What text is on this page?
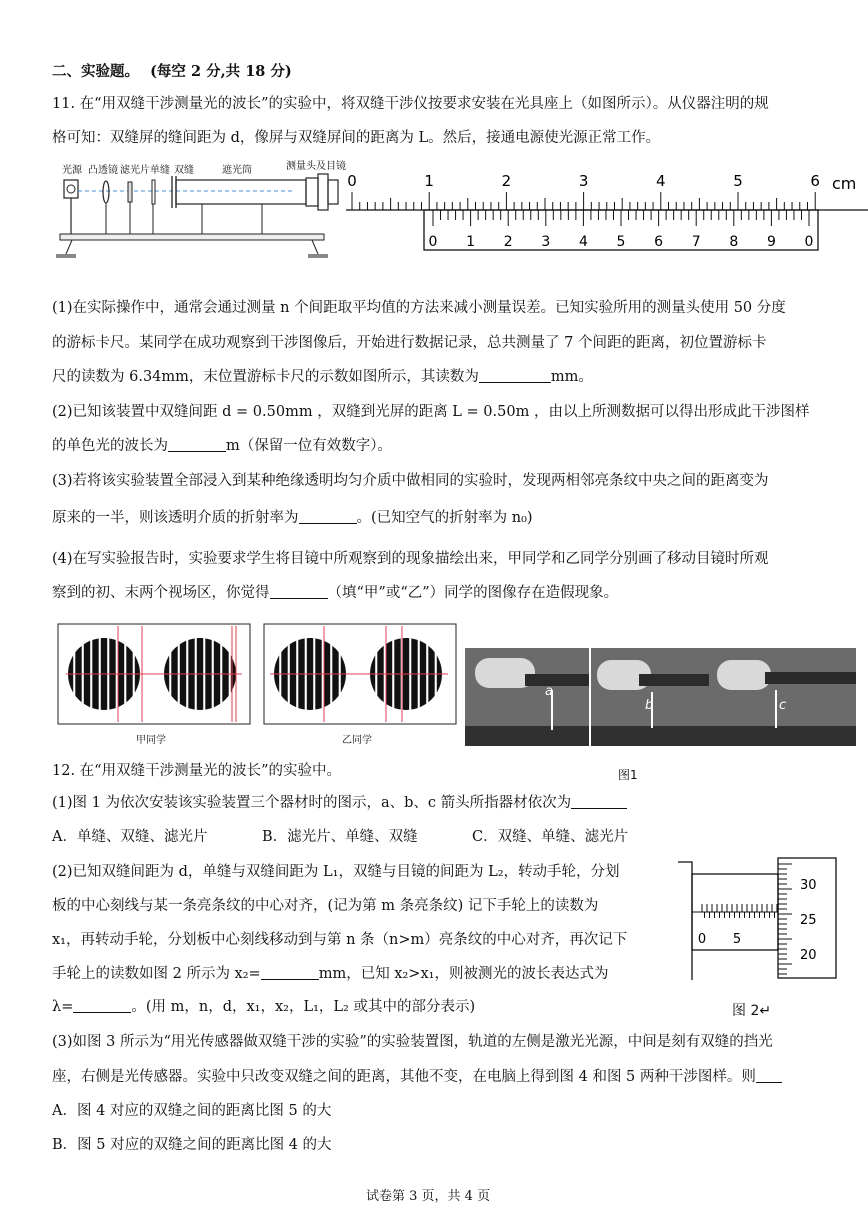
二、实验题。 (每空 2 分,共 18 分)
11. 在“用双缝干涉测量光的波长”的实验中，将双缝干涉仪按要求安装在光具座上（如图所示）。从仪器注明的规
格可知：双缝屏的缝间距为 d，像屏与双缝屏间的距离为 L。然后，接通电源使光源正常工作。
光源 凸透镜 滤光片 单缝 双缝	遮光筒	测量头及目镜
0	1	2	3	4	5	6
0 1 2 3 4 5 6 7 8 9 0
cm
(1)在实际操作中，通常会通过测量 n 个间距取平均值的方法来减小测量误差。已知实验所用的测量头使用 50 分度
的游标卡尺。某同学在成功观察到干涉图像后，开始进行数据记录，总共测量了 7 个间距的距离，初位置游标卡
尺的读数为 6.34mm，末位置游标卡尺的示数如图所示，其读数为	mm。
(2)已知该装置中双缝间距 d = 0.50mm ，双缝到光屏的距离 L = 0.50m ，由以上所测数据可以得出形成此干涉图样
的单色光的波长为	m（保留一位有效数字）。
(3)若将该实验装置全部浸入到某种绝缘透明均匀介质中做相同的实验时，发现两相邻亮条纹中央之间的距离变为
原来的一半，则该透明介质的折射率为	。(已知空气的折射率为 n₀)
(4)在写实验报告时，实验要求学生将目镜中所观察到的现象描绘出来，甲同学和乙同学分别画了移动目镜时所观
察到的初、末两个视场区，你觉得	（填“甲”或“乙”）同学的图像存在造假现象。
甲同学	乙同学
a
b	c
12. 在“用双缝干涉测量光的波长”的实验中。	图1
(1)图 1 为依次安装该实验装置三个器材时的图示，a、b、c 箭头所指器材依次为
A．单缝、双缝、滤光片	B．滤光片、单缝、双缝	C．双缝、单缝、滤光片
(2)已知双缝间距为 d，单缝与双缝间距为 L₁，双缝与目镜的间距为 L₂，转动手轮，分划
板的中心刻线与某一条亮条纹的中心对齐，(记为第 m 条亮条纹) 记下手轮上的读数为
x₁，再转动手轮，分划板中心刻线移动到与第 n 条（n>m）亮条纹的中心对齐，再次记下
手轮上的读数如图 2 所示为 x₂=	mm，已知 x₂>x₁，则被测光的波长表达式为
λ=	。(用 m，n，d，x₁，x₂，L₁，L₂ 或其中的部分表示)
0 5
30
25
20
图 2↵
(3)如图 3 所示为“用光传感器做双缝干涉的实验”的实验装置图，轨道的左侧是激光光源，中间是刻有双缝的挡光
座，右侧是光传感器。实验中只改变双缝之间的距离，其他不变，在电脑上得到图 4 和图 5 两种干涉图样。则
A．图 4 对应的双缝之间的距离比图 5 的大
B．图 5 对应的双缝之间的距离比图 4 的大
试卷第 3 页，共 4 页
